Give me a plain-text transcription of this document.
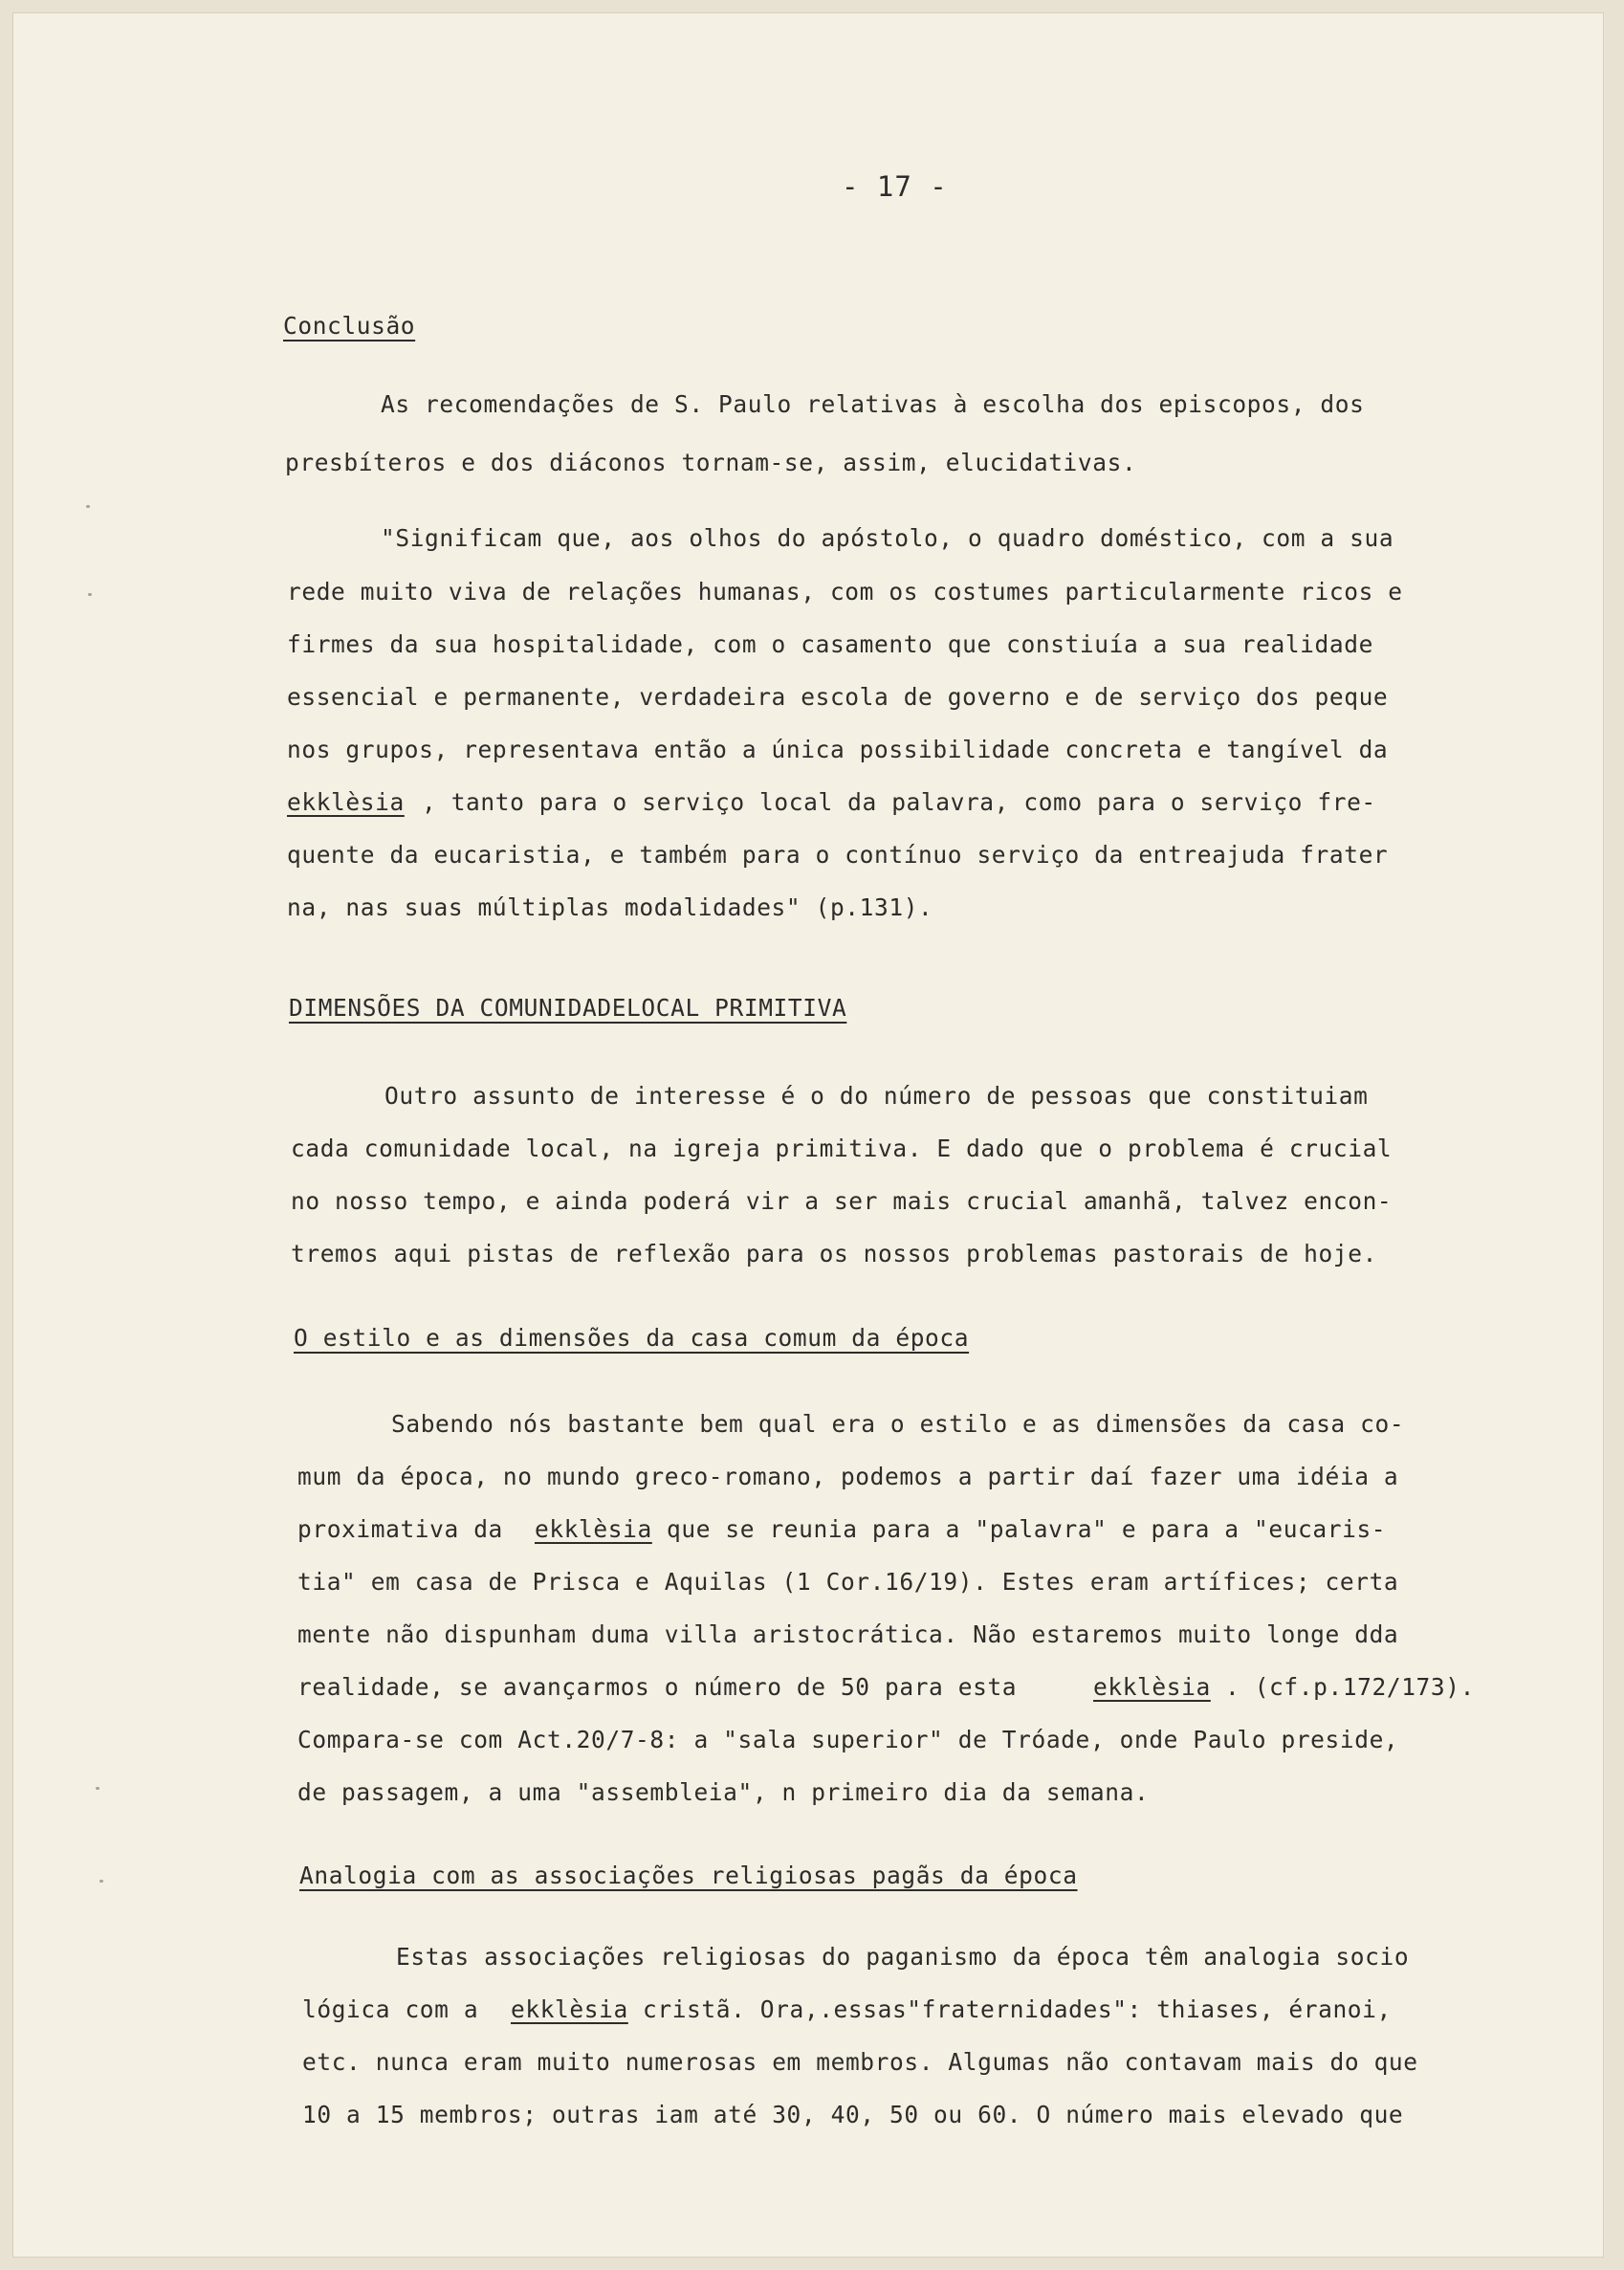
- 17 -
Conclusão
As recomendações de S. Paulo relativas à escolha dos episcopos, dos
presbíteros e dos diáconos tornam-se, assim, elucidativas.
"Significam que, aos olhos do apóstolo, o quadro doméstico, com a sua
rede muito viva de relações humanas, com os costumes particularmente ricos e
firmes da sua hospitalidade, com o casamento que constiuía a sua realidade
essencial e permanente, verdadeira escola de governo e de serviço dos peque
nos grupos, representava então a única possibilidade concreta e tangível da
ekklèsia , tanto para o serviço local da palavra, como para o serviço fre-
quente da eucaristia, e também para o contínuo serviço da entreajuda frater
na, nas suas múltiplas modalidades" (p.131).
DIMENSÕES DA COMUNIDADELOCAL PRIMITIVA
Outro assunto de interesse é o do número de pessoas que constituiam
cada comunidade local, na igreja primitiva. E dado que o problema é crucial
no nosso tempo, e ainda poderá vir a ser mais crucial amanhã, talvez encon-
tremos aqui pistas de reflexão para os nossos problemas pastorais de hoje.
O estilo e as dimensões da casa comum da época
Sabendo nós bastante bem qual era o estilo e as dimensões da casa co-
mum da época, no mundo greco-romano, podemos a partir daí fazer uma idéia a
proximativa da ekklèsia que se reunia para a "palavra" e para a "eucaris-
tia" em casa de Prisca e Aquilas (1 Cor.16/19). Estes eram artífices; certa
mente não dispunham duma villa aristocrática. Não estaremos muito longe dda
realidade, se avançarmos o número de 50 para esta	ekklèsia . (cf.p.172/173).
Compara-se com Act.20/7-8: a "sala superior" de Tróade, onde Paulo preside,
de passagem, a uma "assembleia", n primeiro dia da semana.
Analogia com as associações religiosas pagãs da época
Estas associações religiosas do paganismo da época têm analogia socio
lógica com a ekklèsia cristã. Ora,.essas"fraternidades": thiases, éranoi,
etc. nunca eram muito numerosas em membros. Algumas não contavam mais do que
10 a 15 membros; outras iam até 30, 40, 50 ou 60. O número mais elevado que
